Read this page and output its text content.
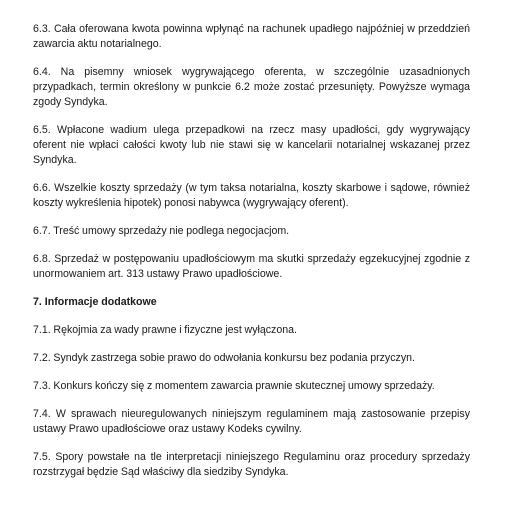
6.3. Cała oferowana kwota powinna wpłynąć na rachunek upadłego najpóźniej w przeddzień zawarcia aktu notarialnego.

6.4. Na pisemny wniosek wygrywającego oferenta, w szczególnie uzasadnionych przypadkach, termin określony w punkcie 6.2 może zostać przesunięty. Powyższe wymaga zgody Syndyka.

6.5. Wpłacone wadium ulega przepadkowi na rzecz masy upadłości, gdy wygrywający oferent nie wpłaci całości kwoty lub nie stawi się w kancelarii notarialnej wskazanej przez Syndyka.

6.6. Wszelkie koszty sprzedaży (w tym taksa notarialna, koszty skarbowe i sądowe, również koszty wykreślenia hipotek) ponosi nabywca (wygrywający oferent).

6.7. Treść umowy sprzedaży nie podlega negocjacjom.

6.8. Sprzedaż w postępowaniu upadłościowym ma skutki sprzedaży egzekucyjnej zgodnie z unormowaniem art. 313 ustawy Prawo upadłościowe.

7. Informacje dodatkowe

7.1. Rękojmia za wady prawne i fizyczne jest wyłączona.

7.2. Syndyk zastrzega sobie prawo do odwołania konkursu bez podania przyczyn.

7.3. Konkurs kończy się z momentem zawarcia prawnie skutecznej umowy sprzedaży.

7.4. W sprawach nieuregulowanych niniejszym regulaminem mają zastosowanie przepisy ustawy Prawo upadłościowe oraz ustawy Kodeks cywilny.

7.5. Spory powstałe na tle interpretacji niniejszego Regulaminu oraz procedury sprzedaży rozstrzygał będzie Sąd właściwy dla siedziby Syndyka.
